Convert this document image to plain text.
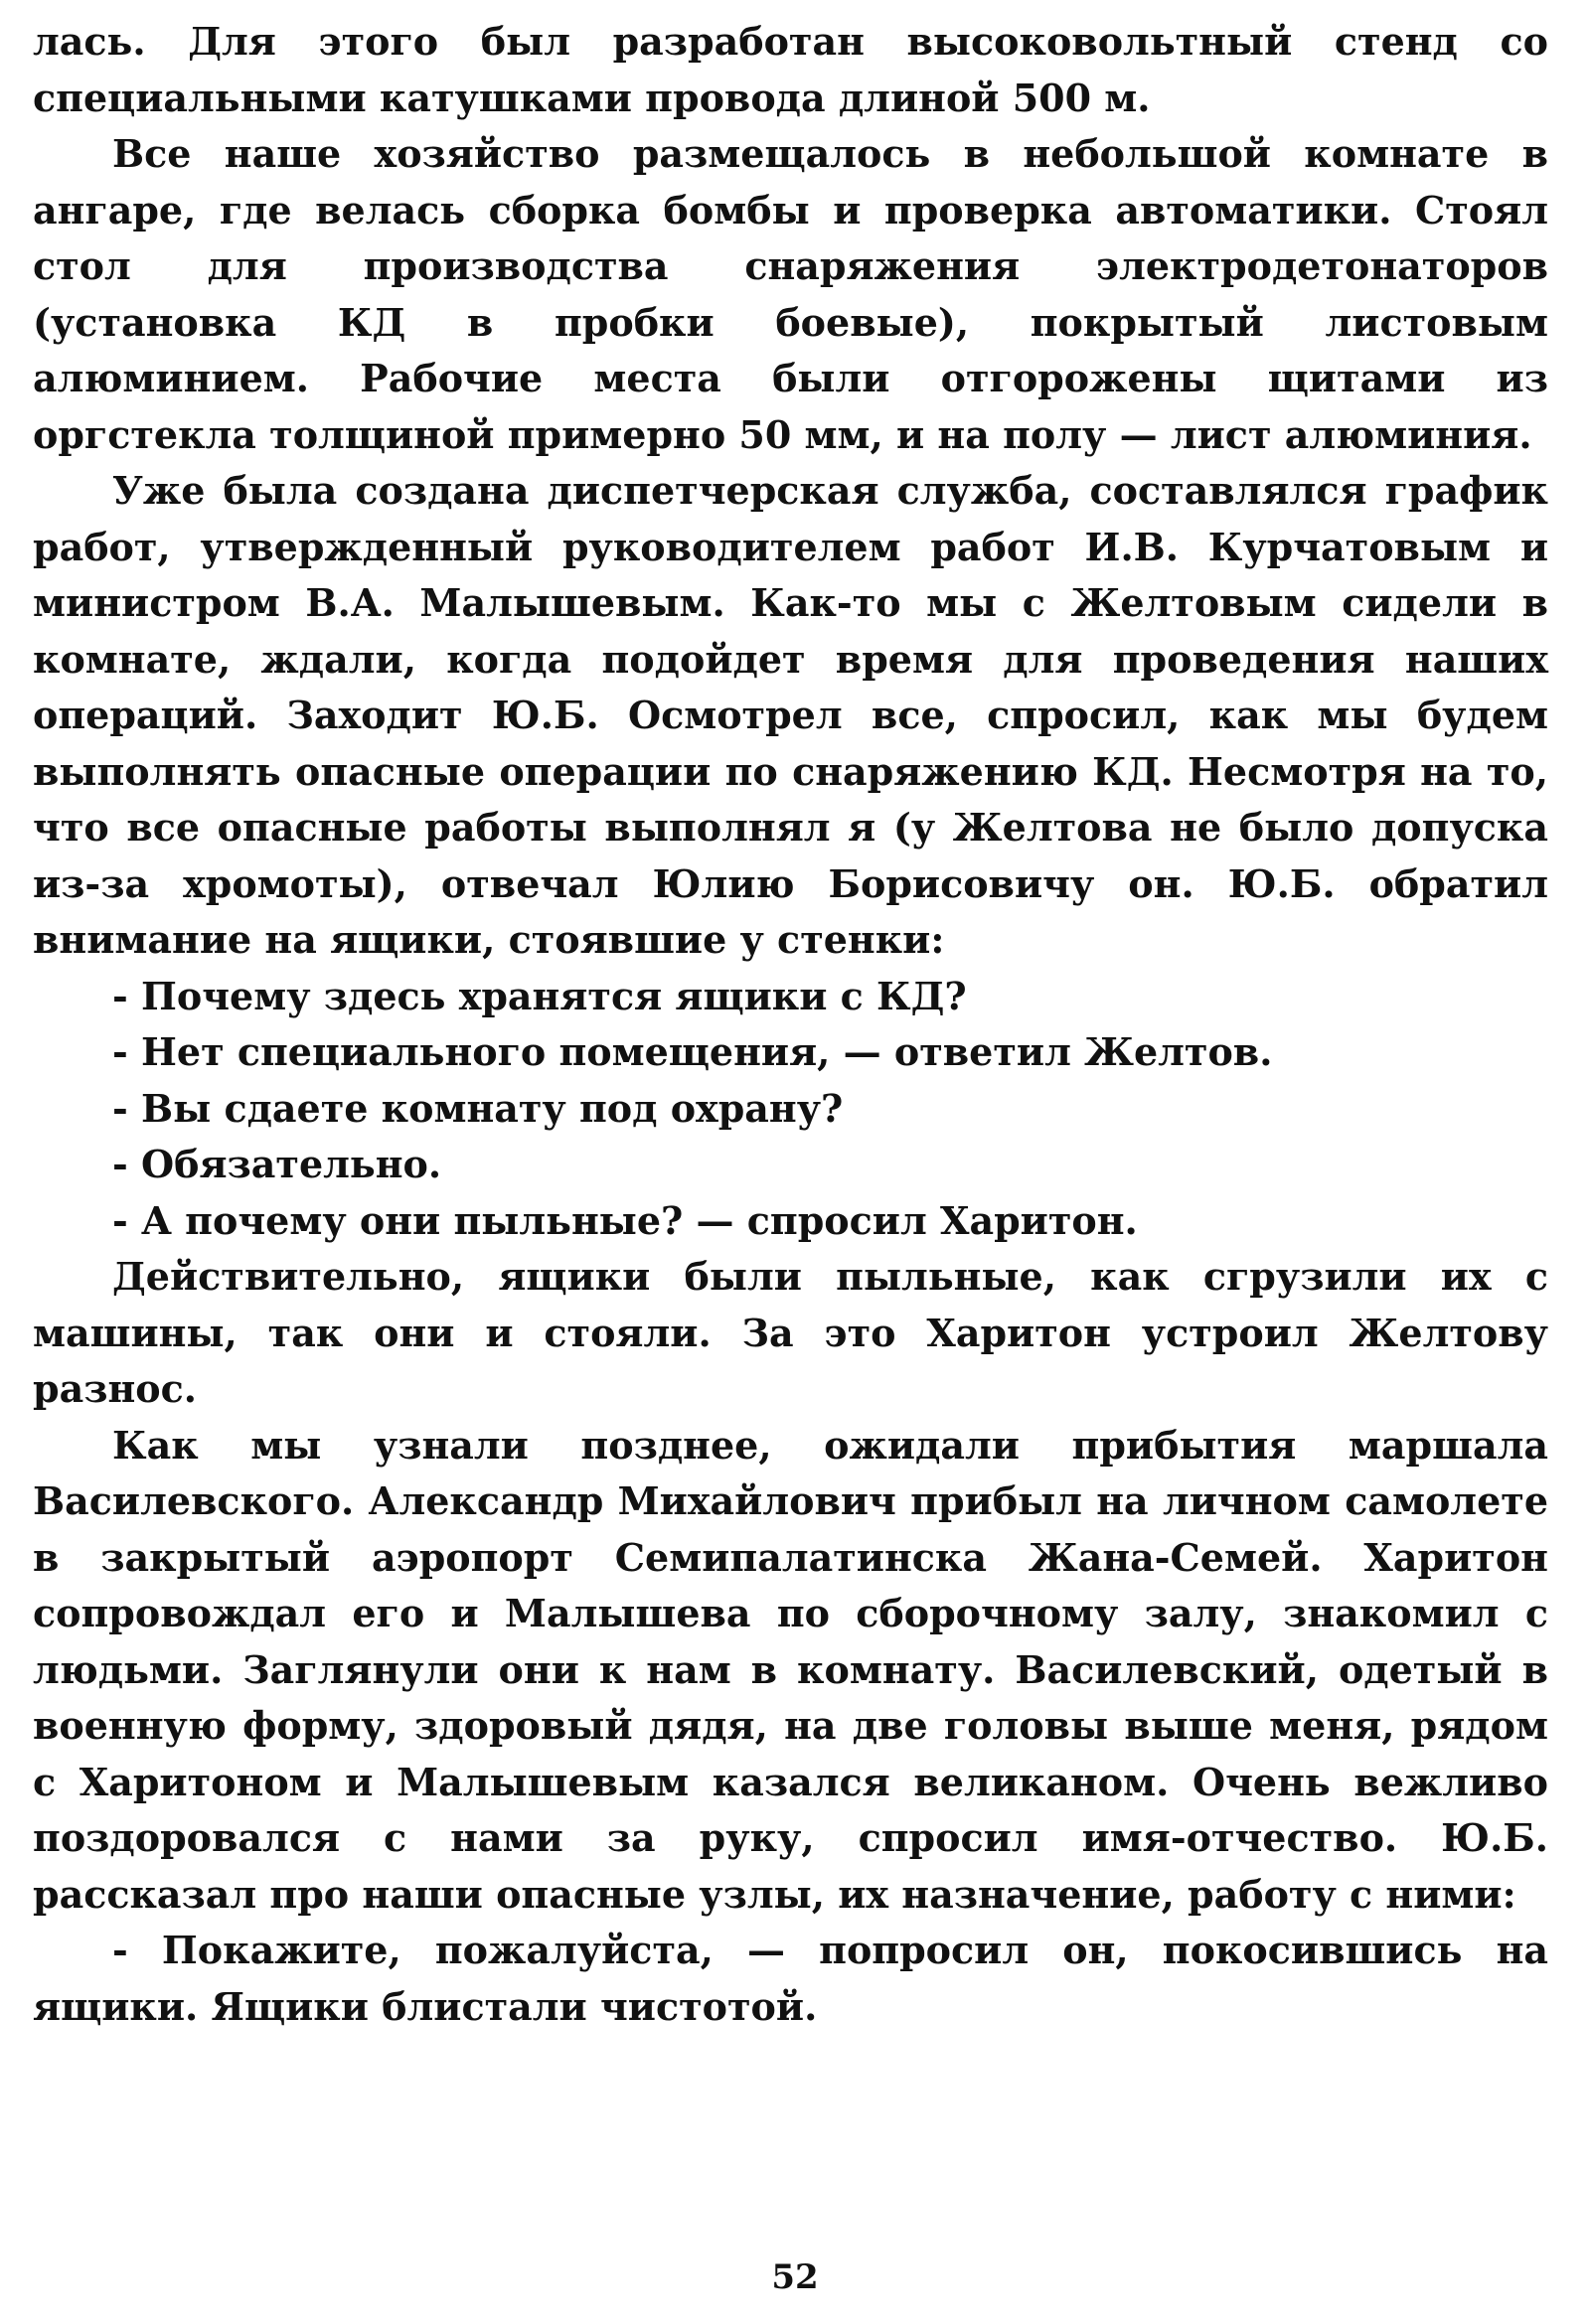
лась. Для этого был разработан высоковольтный стенд со специальными катушками провода длиной 500 м.

Все наше хозяйство размещалось в небольшой комнате в ангаре, где велась сборка бомбы и проверка автоматики. Стоял стол для производства снаряжения электродетонаторов (установка КД в пробки боевые), покрытый листовым алюминием. Рабочие места были отгорожены щитами из оргстекла толщиной примерно 50 мм, и на полу — лист алюминия.

Уже была создана диспетчерская служба, составлялся график работ, утвержденный руководителем работ И.В. Курчатовым и министром В.А. Малышевым. Как-то мы с Желтовым сидели в комнате, ждали, когда подойдет время для проведения наших операций. Заходит Ю.Б. Осмотрел все, спросил, как мы будем выполнять опасные операции по снаряжению КД. Несмотря на то, что все опасные работы выполнял я (у Желтова не было допуска из-за хромоты), отвечал Юлию Борисовичу он. Ю.Б. обратил внимание на ящики, стоявшие у стенки:

- Почему здесь хранятся ящики с КД?

- Нет специального помещения, — ответил Желтов.

- Вы сдаете комнату под охрану?

- Обязательно.

- А почему они пыльные? — спросил Харитон.

Действительно, ящики были пыльные, как сгрузили их с машины, так они и стояли. За это Харитон устроил Желтову разнос.

Как мы узнали позднее, ожидали прибытия маршала Василевского. Александр Михайлович прибыл на личном самолете в закрытый аэропорт Семипалатинска Жана-Семей. Харитон сопровождал его и Малышева по сборочному залу, знакомил с людьми. Заглянули они к нам в комнату. Василевский, одетый в военную форму, здоровый дядя, на две головы выше меня, рядом с Харитоном и Малышевым казался великаном. Очень вежливо поздоровался с нами за руку, спросил имя-отчество. Ю.Б. рассказал про наши опасные узлы, их назначение, работу с ними:

- Покажите, пожалуйста, — попросил он, покосившись на ящики. Ящики блистали чистотой.

52
